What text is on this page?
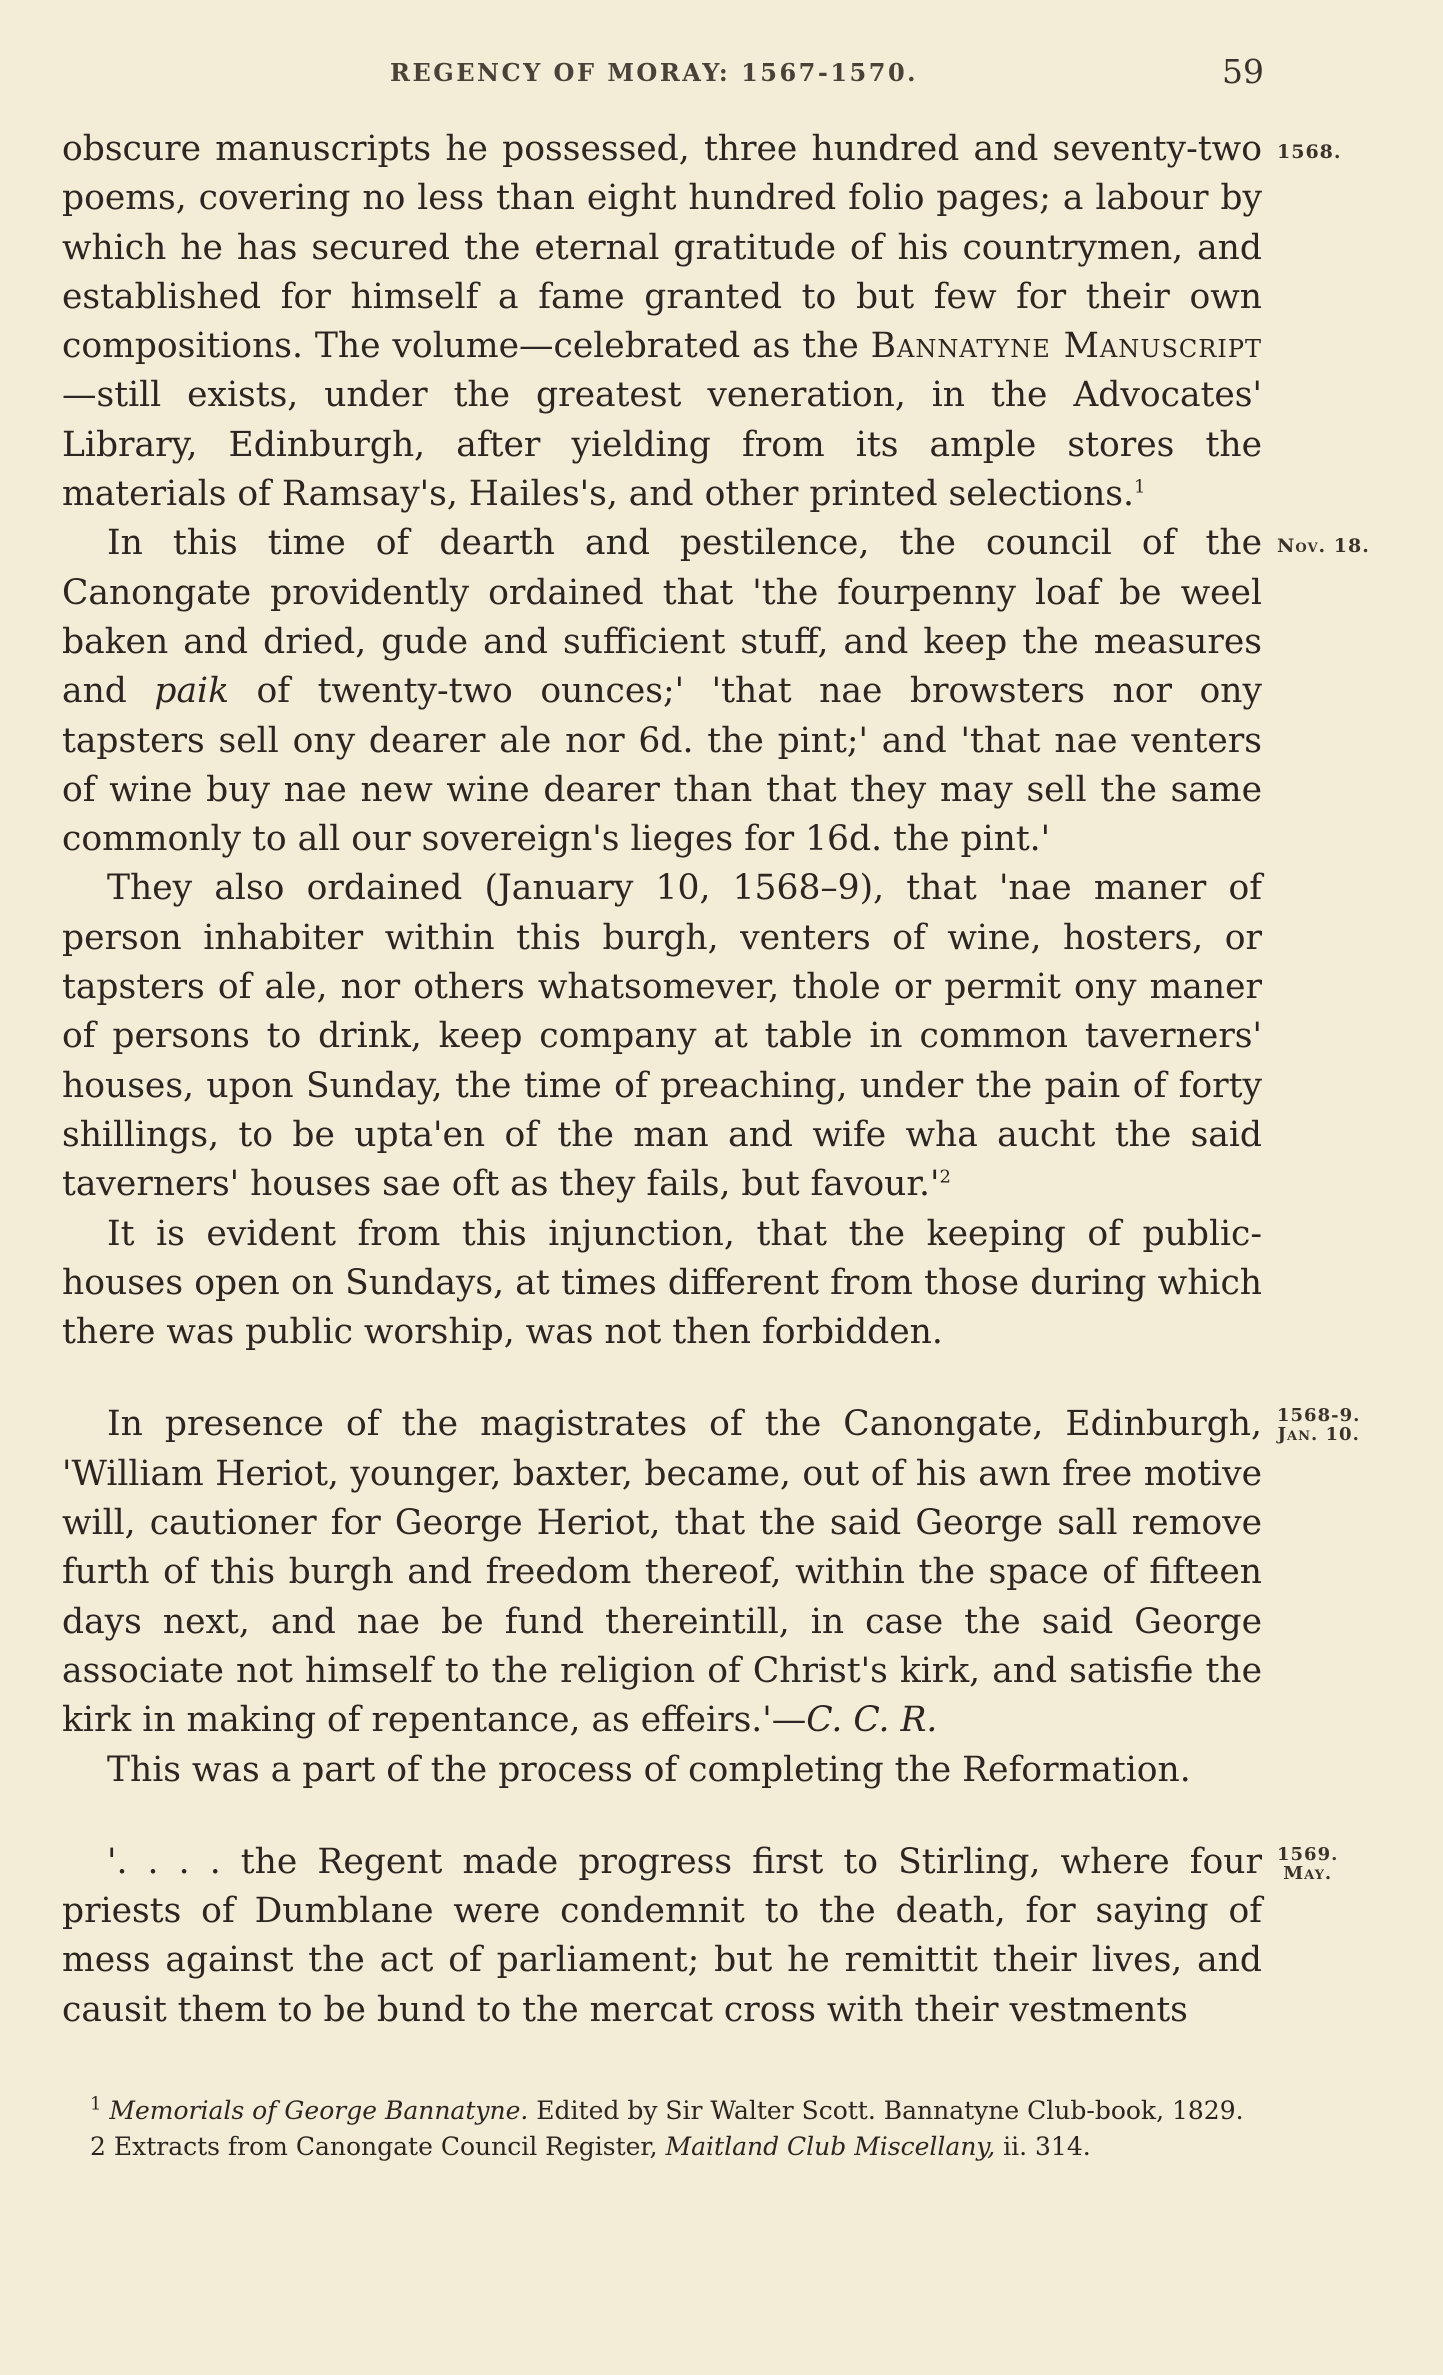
REGENCY OF MORAY: 1567-1570.	59

obscure manuscripts he possessed, three hundred and seventy-two poems, covering no less than eight hundred folio pages; a labour by which he has secured the eternal gratitude of his countrymen, and established for himself a fame granted to but few for their own compositions. The volume—celebrated as the Bannatyne Manuscript—still exists, under the greatest veneration, in the Advocates' Library, Edinburgh, after yielding from its ample stores the materials of Ramsay's, Hailes's, and other printed selections.$^1$

In this time of dearth and pestilence, the council of the Canongate providently ordained that 'the fourpenny loaf be weel baken and dried, gude and sufficient stuff, and keep the measures and paik of twenty-two ounces;' 'that nae browsters nor ony tapsters sell ony dearer ale nor 6d. the pint;' and 'that nae venters of wine buy nae new wine dearer than that they may sell the same commonly to all our sovereign's lieges for 16d. the pint.'

They also ordained (January 10, 1568–9), that 'nae maner of person inhabiter within this burgh, venters of wine, hosters, or tapsters of ale, nor others whatsomever, thole or permit ony maner of persons to drink, keep company at table in common taverners' houses, upon Sunday, the time of preaching, under the pain of forty shillings, to be upta'en of the man and wife wha aucht the said taverners' houses sae oft as they fails, but $favour.'^2$

It is evident from this injunction, that the keeping of public-houses open on Sundays, at times different from those during which there was public worship, was not then forbidden.

In presence of the magistrates of the Canongate, Edinburgh, 'William Heriot, younger, baxter, became, out of his awn free motive will, cautioner for George Heriot, that the said George sall remove furth of this burgh and freedom thereof, within the space of fifteen days next, and nae be fund thereintill, in case the said George associate not himself to the religion of Christ's kirk, and satisfie the kirk in making of repentance, as effeirs.'—C. C. R.

This was a part of the process of completing the Reformation.

'. . . . the Regent made progress first to Stirling, where four priests of Dumblane were condemnit to the death, for saying of mess against the act of parliament; but he remittit their lives, and causit them to be bund to the mercat cross with their vestments

1568.
Nov. 18.
1568-9.
Jan. 10.
1569.
May.

$^1$ Memorials of George Bannatyne. Edited by Sir Walter Scott. Bannatyne Club-book, 1829.

2 Extracts from Canongate Council Register, Maitland Club Miscellany, ii. 314.
